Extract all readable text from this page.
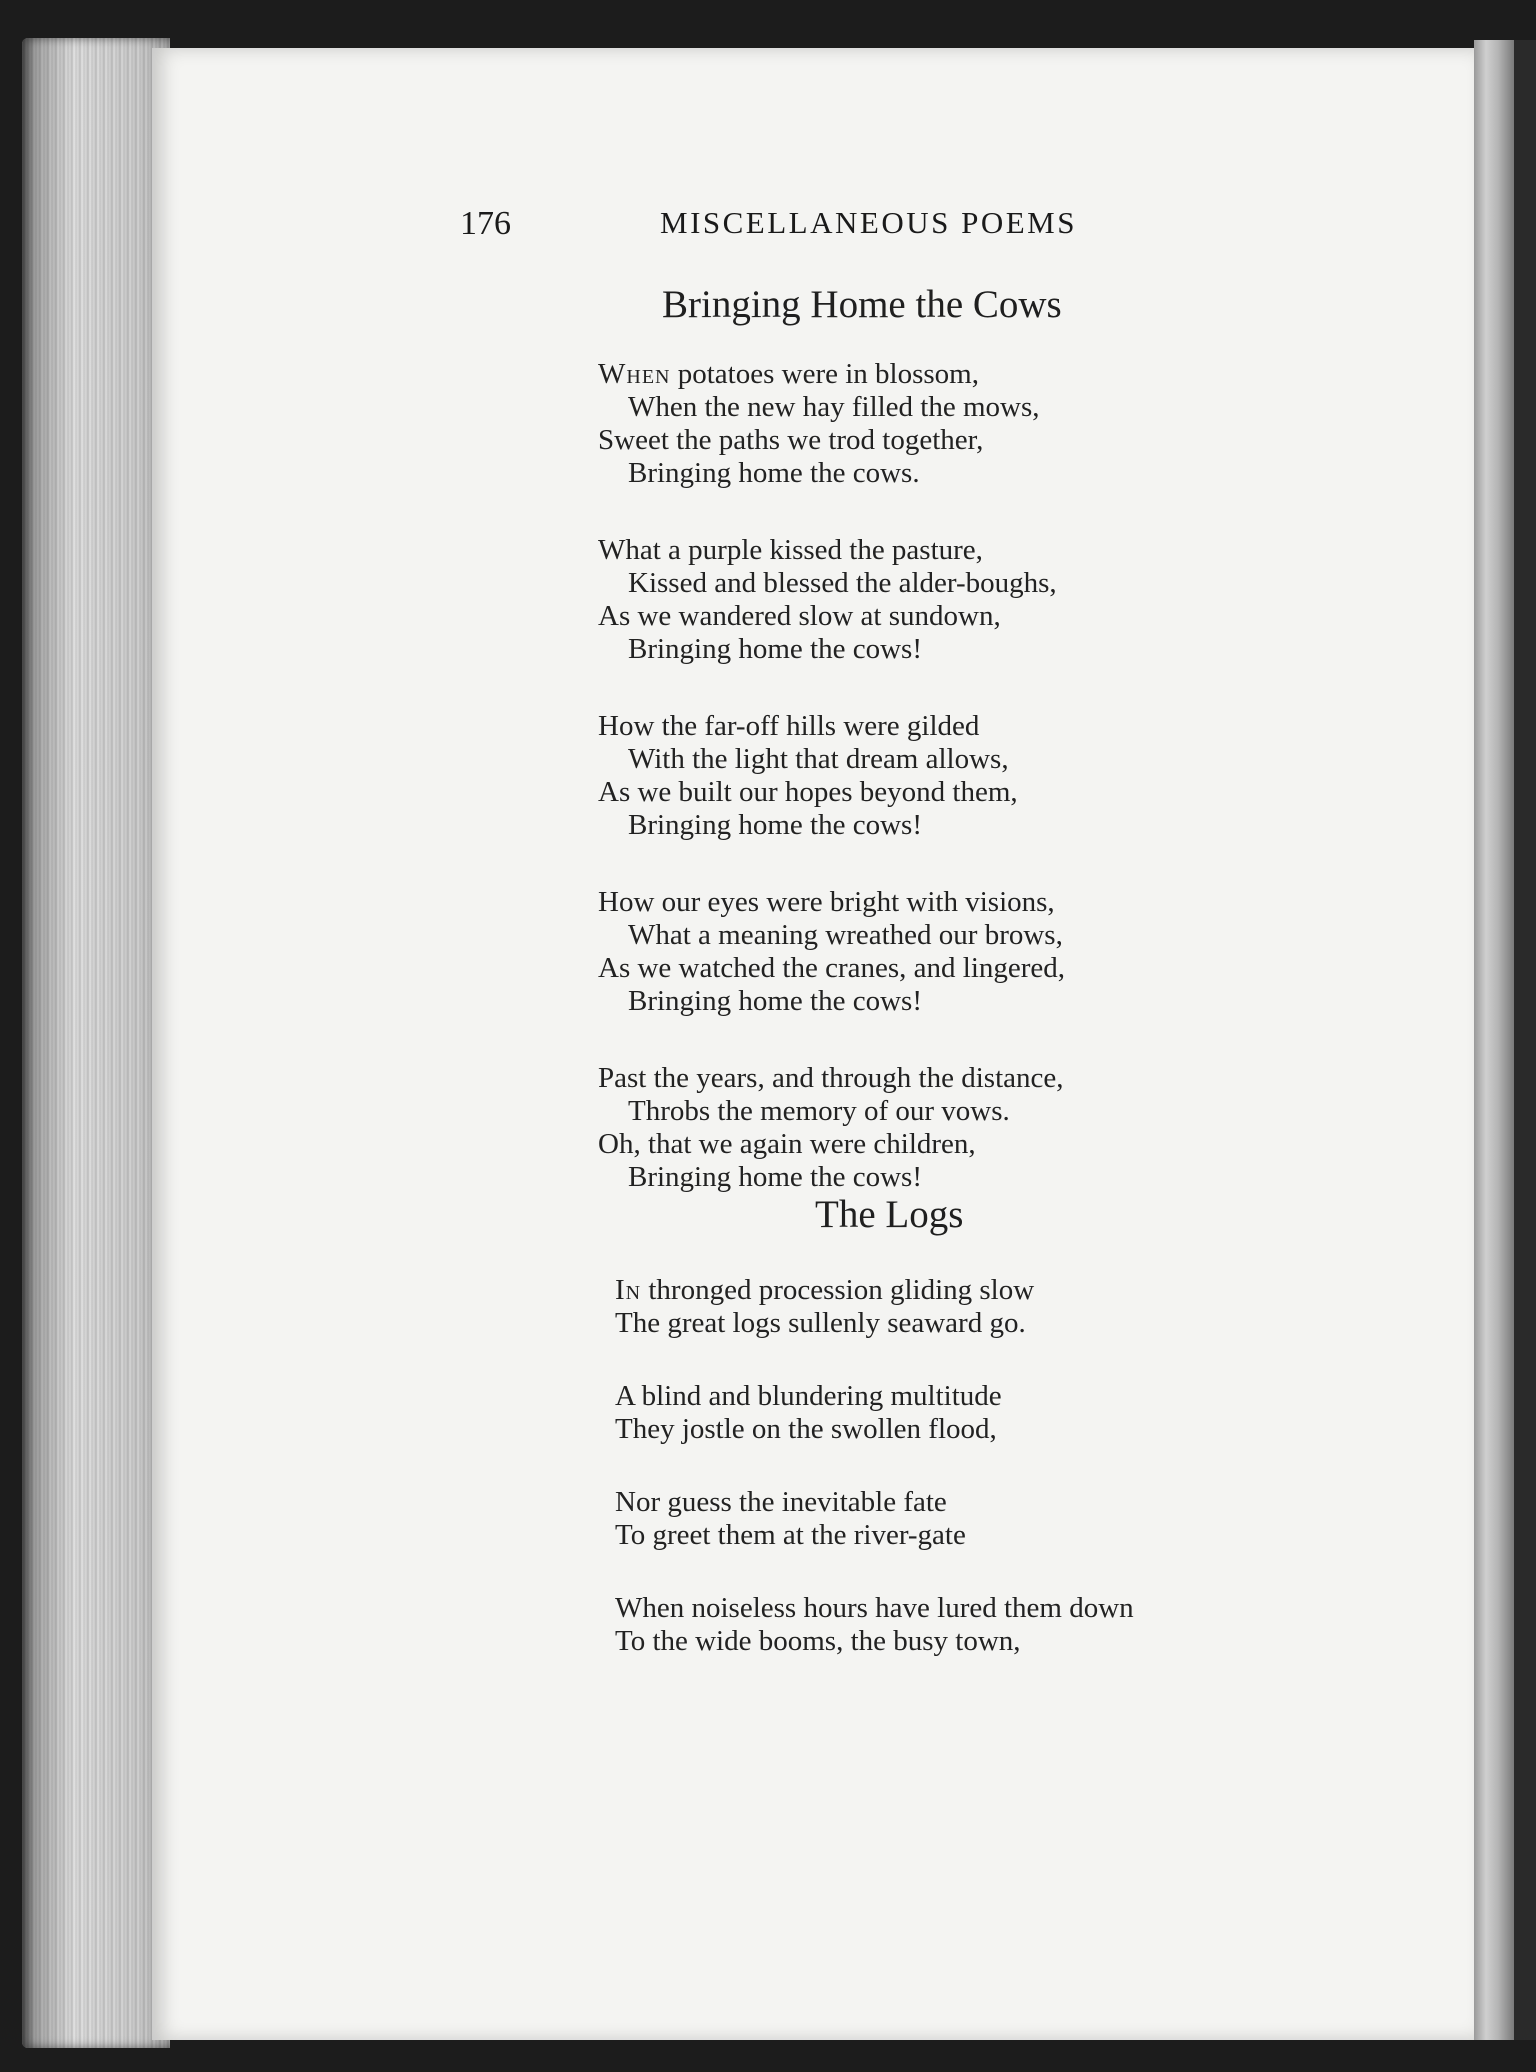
176	MISCELLANEOUS POEMS
Bringing Home the Cows
When potatoes were in blossom,
When the new hay filled the mows,
Sweet the paths we trod together,
Bringing home the cows.
What a purple kissed the pasture,
Kissed and blessed the alder-boughs,
As we wandered slow at sundown,
Bringing home the cows!
How the far-off hills were gilded
With the light that dream allows,
As we built our hopes beyond them,
Bringing home the cows!
How our eyes were bright with visions,
What a meaning wreathed our brows,
As we watched the cranes, and lingered,
Bringing home the cows!
Past the years, and through the distance,
Throbs the memory of our vows.
Oh, that we again were children,
Bringing home the cows!
The Logs
In thronged procession gliding slow
The great logs sullenly seaward go.
A blind and blundering multitude
They jostle on the swollen flood,
Nor guess the inevitable fate
To greet them at the river-gate
When noiseless hours have lured them down
To the wide booms, the busy town,
